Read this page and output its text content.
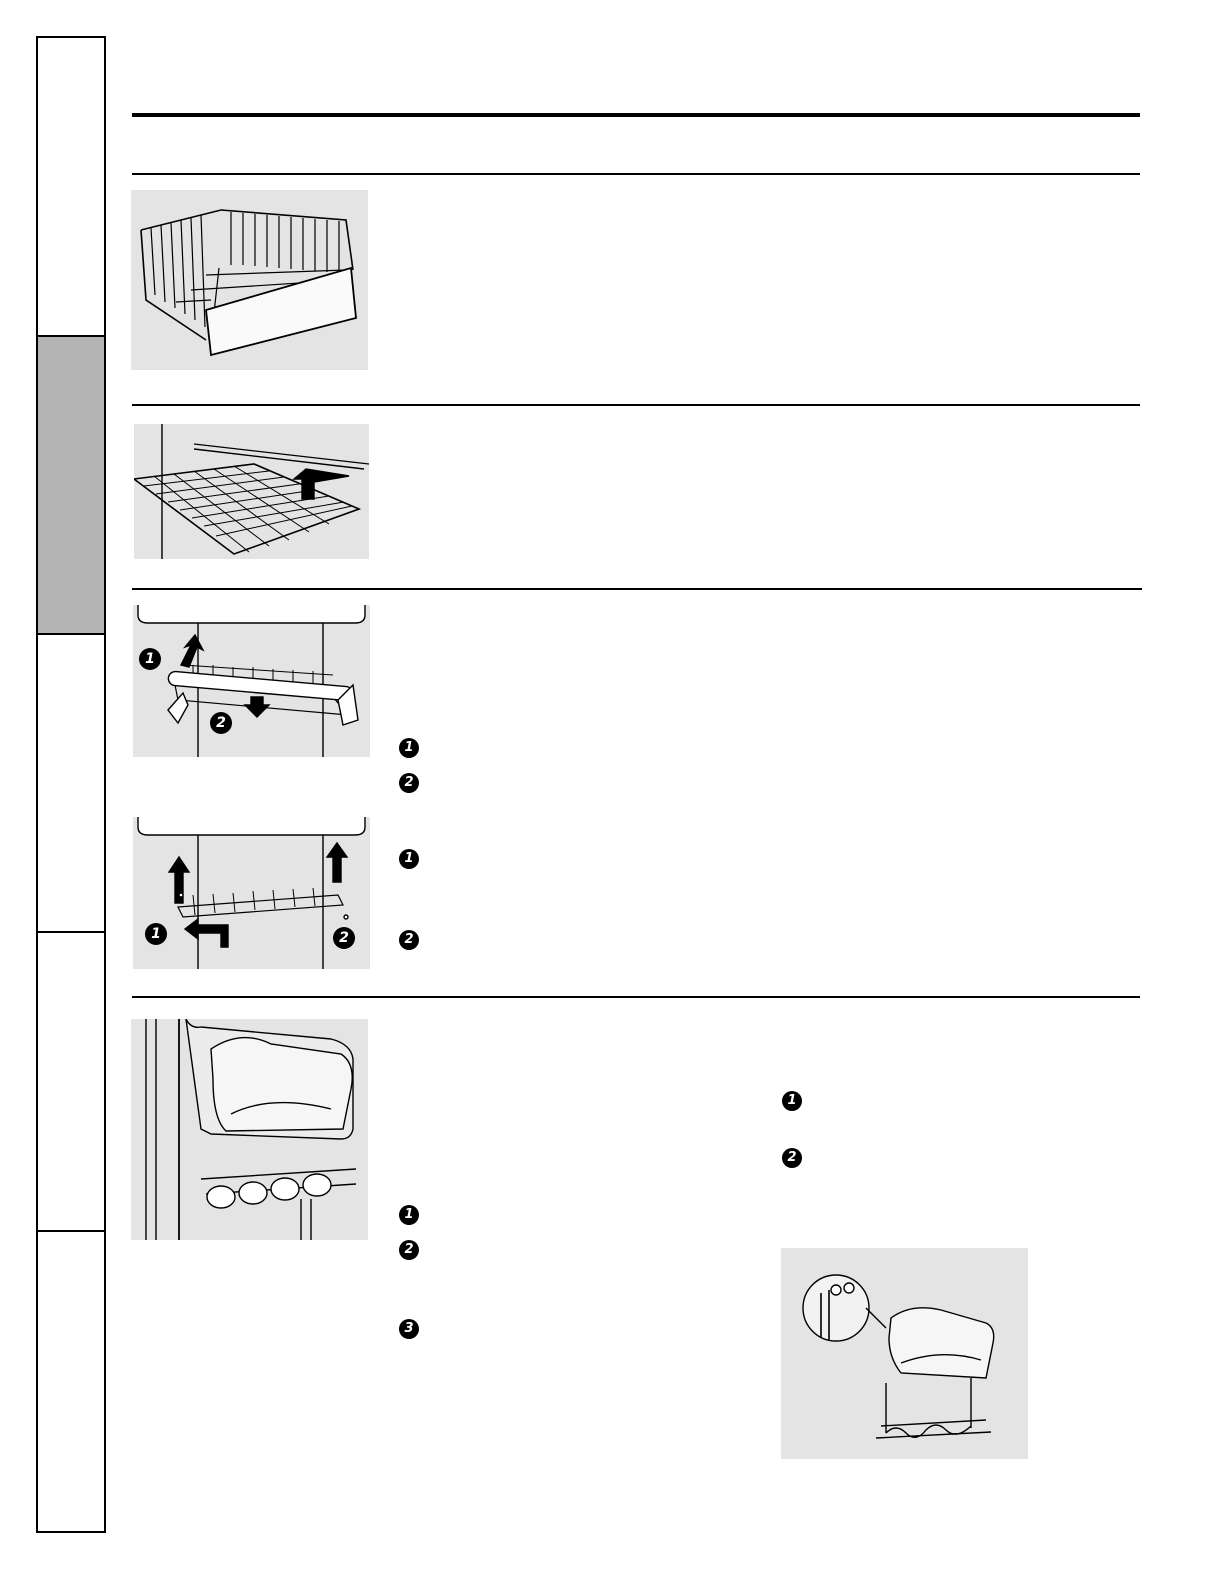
1
2
1	2
1
2
1
2
1
2
3
1
2
